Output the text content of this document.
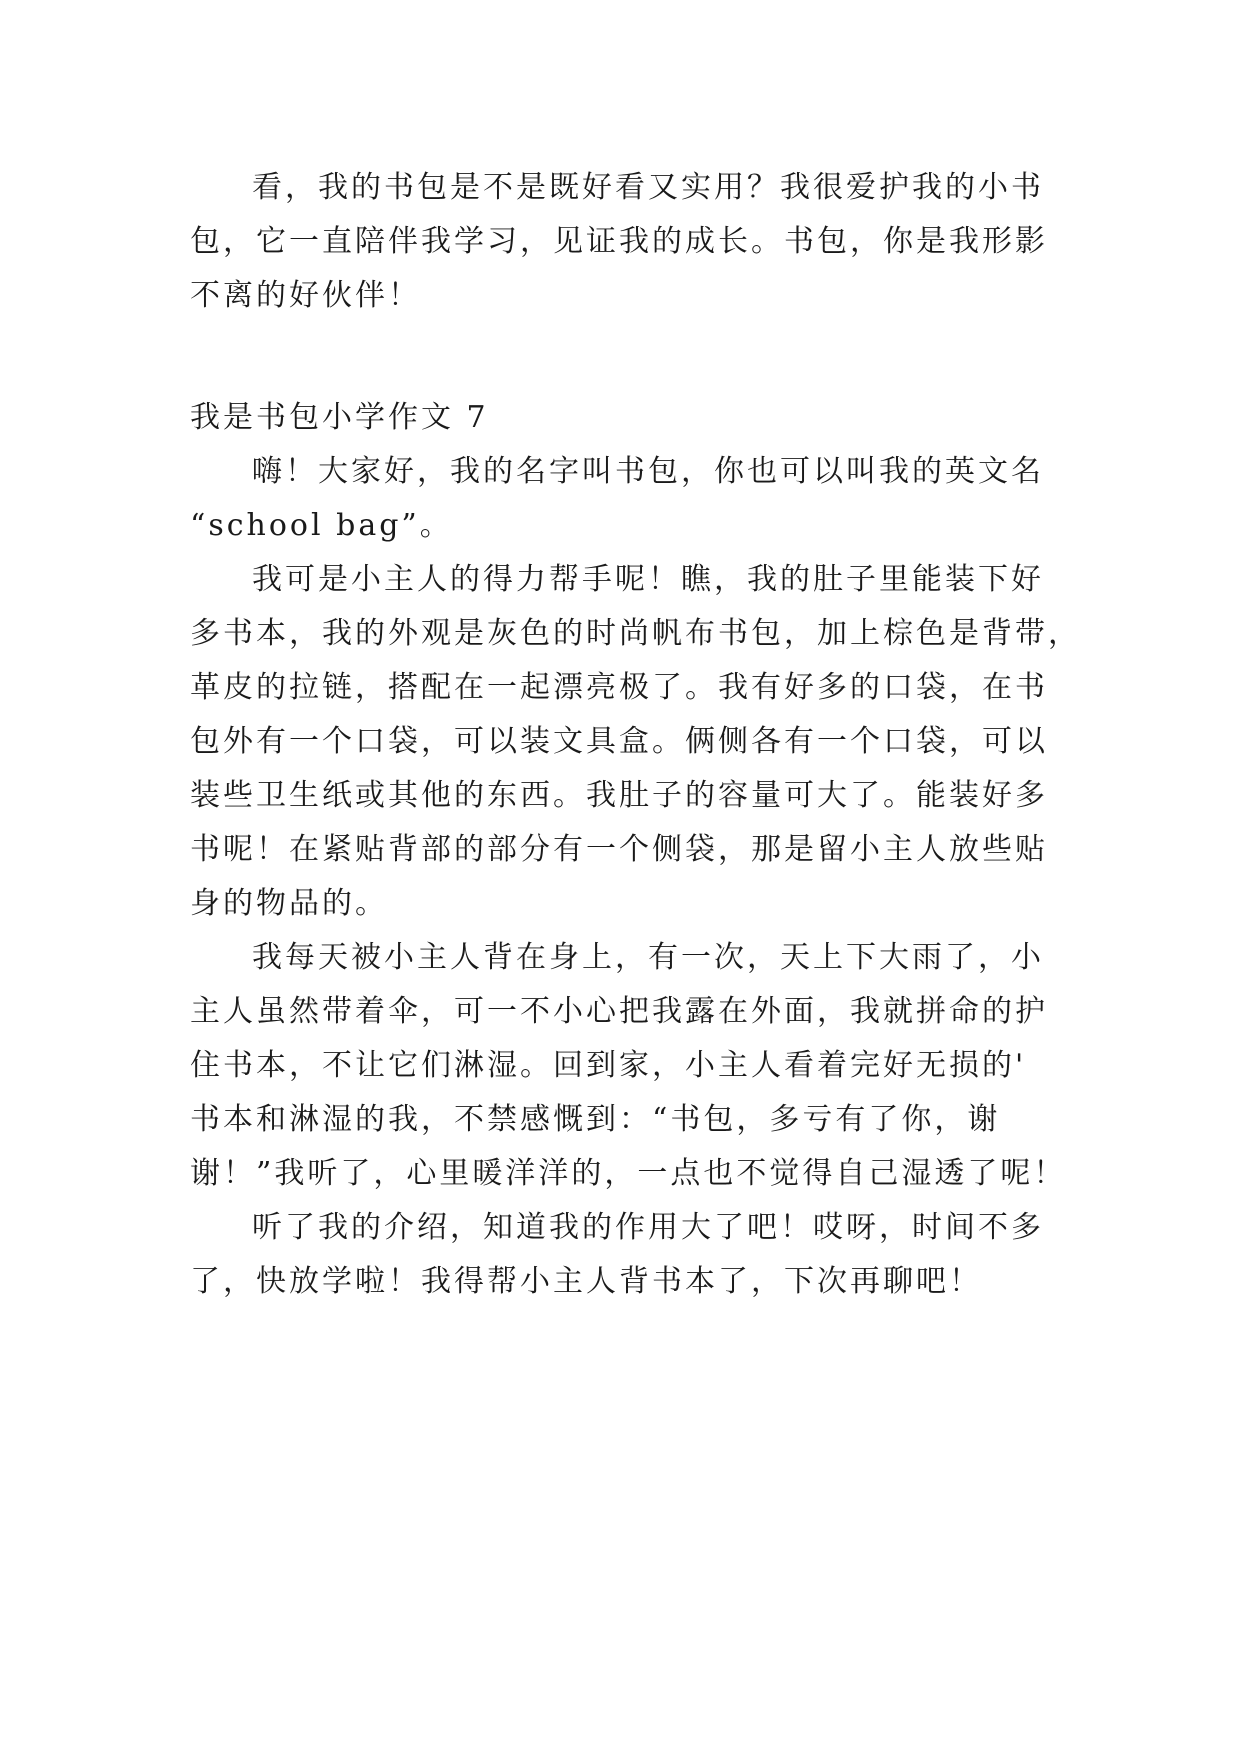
看，我的书包是不是既好看又实用？我很爱护我的小书
包，它一直陪伴我学习，见证我的成长。书包，你是我形影
不离的好伙伴！
我是书包小学作文 7
嗨！大家好，我的名字叫书包，你也可以叫我的英文名
“school bag”。
我可是小主人的得力帮手呢！瞧，我的肚子里能装下好
多书本，我的外观是灰色的时尚帆布书包，加上棕色是背带，
革皮的拉链，搭配在一起漂亮极了。我有好多的口袋，在书
包外有一个口袋，可以装文具盒。俩侧各有一个口袋，可以
装些卫生纸或其他的东西。我肚子的容量可大了。能装好多
书呢！在紧贴背部的部分有一个侧袋，那是留小主人放些贴
身的物品的。
我每天被小主人背在身上，有一次，天上下大雨了，小
主人虽然带着伞，可一不小心把我露在外面，我就拼命的护
住书本，不让它们淋湿。回到家，小主人看着完好无损的'
书本和淋湿的我，不禁感慨到：“书包，多亏有了你，谢
谢！”我听了，心里暖洋洋的，一点也不觉得自己湿透了呢！
听了我的介绍，知道我的作用大了吧！哎呀，时间不多
了，快放学啦！我得帮小主人背书本了，下次再聊吧！
